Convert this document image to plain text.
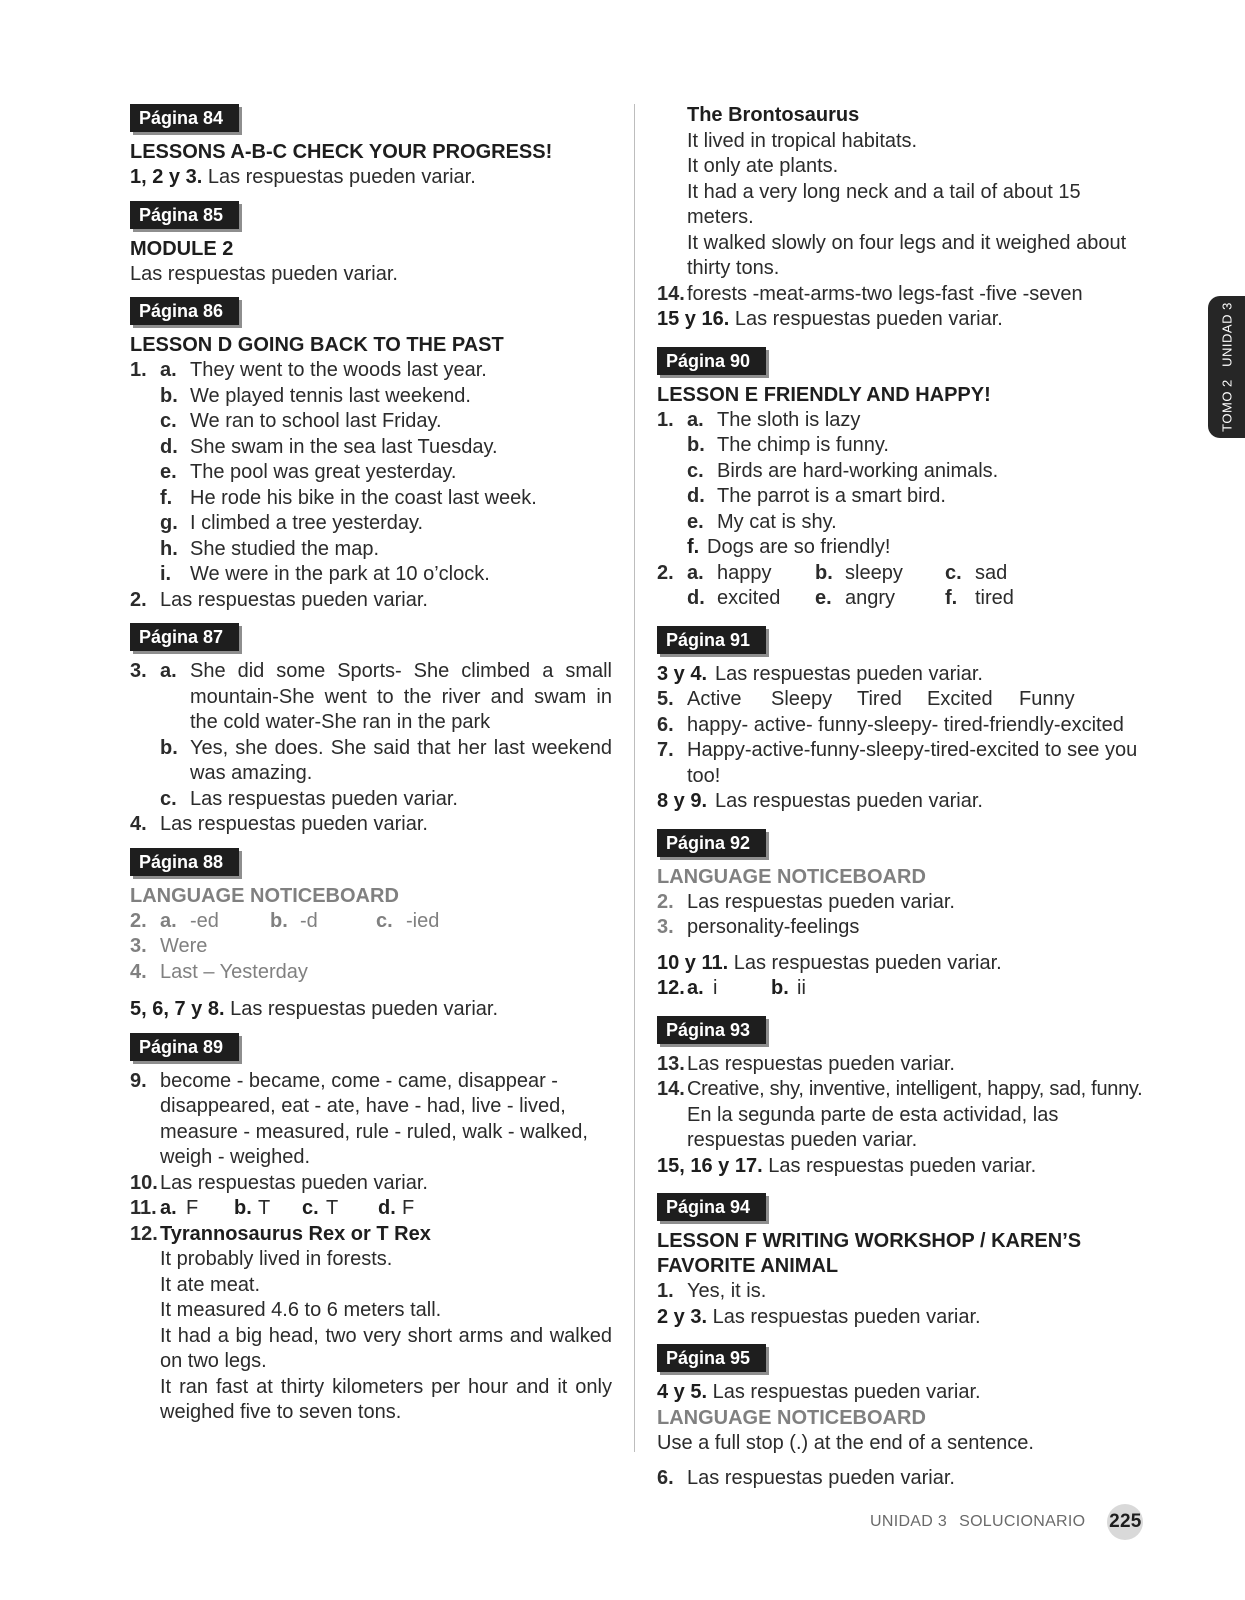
Página 84
LESSONS A-B-C CHECK YOUR PROGRESS!
1, 2 y 3. Las respuestas pueden variar.
Página 85
MODULE 2
Las respuestas pueden variar.
Página 86
LESSON D GOING BACK TO THE PAST
1. a. They went to the woods last year.
b. We played tennis last weekend.
c. We ran to school last Friday.
d. She swam in the sea last Tuesday.
e. The pool was great yesterday.
f. He rode his bike in the coast last week.
g. I climbed a tree yesterday.
h. She studied the map.
i. We were in the park at 10 o’clock.
2. Las respuestas pueden variar.
Página 87
3. a. She did some Sports- She climbed a small mountain-She went to the river and swam in the cold water-She ran in the park
b. Yes, she does. She said that her last weekend was amazing.
c. Las respuestas pueden variar.
4. Las respuestas pueden variar.
Página 88
LANGUAGE NOTICEBOARD
2. a. -ed	b. -d	c. -ied
3. Were
4. Last – Yesterday
5, 6, 7 y 8. Las respuestas pueden variar.
Página 89
9. become - became, come - came, disappear - disappeared, eat - ate, have - had, live - lived, measure - measured, rule - ruled, walk - walked, weigh - weighed.
10. Las respuestas pueden variar.
11. a. F	b. T	c. T	d. F
12. Tyrannosaurus Rex or T Rex
It probably lived in forests.
It ate meat.
It measured 4.6 to 6 meters tall.
It had a big head, two very short arms and walked on two legs.
It ran fast at thirty kilometers per hour and it only weighed five to seven tons.
The Brontosaurus
It lived in tropical habitats.
It only ate plants.
It had a very long neck and a tail of about 15 meters.
It walked slowly on four legs and it weighed about thirty tons.
14. forests -meat-arms-two legs-fast -five -seven
15 y 16. Las respuestas pueden variar.
Página 90
LESSON E FRIENDLY AND HAPPY!
1. a. The sloth is lazy
b. The chimp is funny.
c. Birds are hard-working animals.
d. The parrot is a smart bird.
e. My cat is shy.
f. Dogs are so friendly!
2. a. happy	b. sleepy	c. sad
d. excited	e. angry	f. tired
Página 91
3 y 4. Las respuestas pueden variar.
5. Active	Sleepy	Tired	Excited	Funny
6. happy- active- funny-sleepy- tired-friendly-excited
7. Happy-active-funny-sleepy-tired-excited to see you too!
8 y 9. Las respuestas pueden variar.
Página 92
LANGUAGE NOTICEBOARD
2. Las respuestas pueden variar.
3. personality-feelings
10 y 11. Las respuestas pueden variar.
12. a. i	b. ii
Página 93
13. Las respuestas pueden variar.
14. Creative, shy, inventive, intelligent, happy, sad, funny.
En la segunda parte de esta actividad, las respuestas pueden variar.
15, 16 y 17. Las respuestas pueden variar.
Página 94
LESSON F WRITING WORKSHOP / KAREN’S FAVORITE ANIMAL
1. Yes, it is.
2 y 3. Las respuestas pueden variar.
Página 95
4 y 5. Las respuestas pueden variar.
LANGUAGE NOTICEBOARD
Use a full stop (.) at the end of a sentence.
6. Las respuestas pueden variar.
TOMO 2   UNIDAD 3
UNIDAD 3 SOLUCIONARIO 225
